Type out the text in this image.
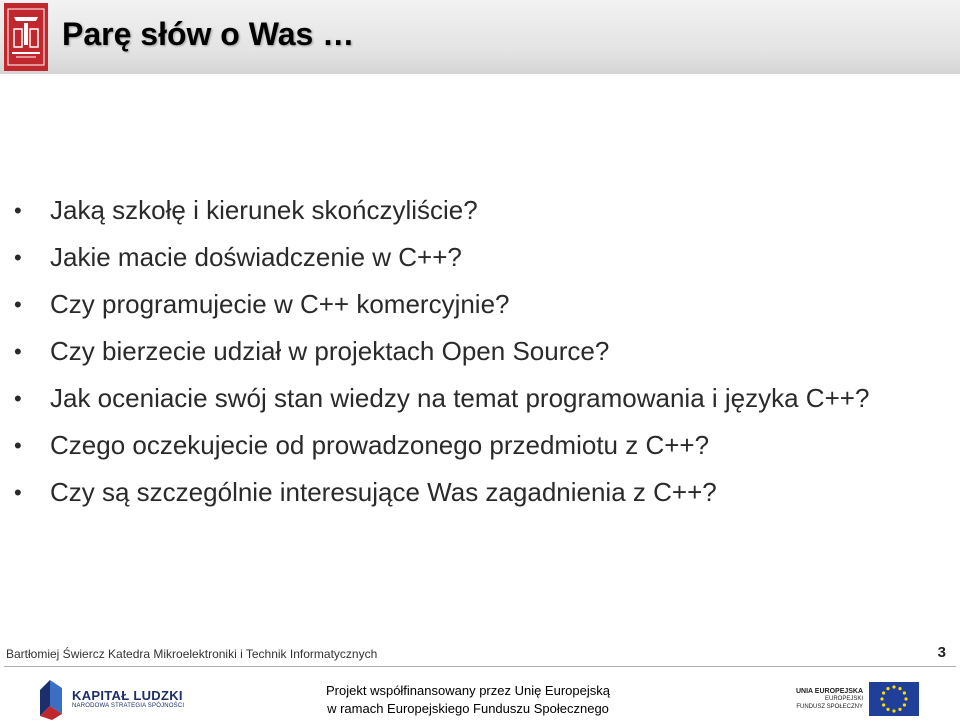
Parę słów o Was …
• Jaką szkołę i kierunek skończyliście?
• Jakie macie doświadczenie w C++?
• Czy programujecie w C++ komercyjnie?
• Czy bierzecie udział w projektach Open Source?
• Jak oceniacie swój stan wiedzy na temat programowania i języka C++?
• Czego oczekujecie od prowadzonego przedmiotu z C++?
• Czy są szczególnie interesujące Was zagadnienia z C++?
Bartłomiej Świercz Katedra Mikroelektroniki i Technik Informatycznych	3
KAPITAŁ LUDZKI
NARODOWA STRATEGIA SPÓJNOŚCI
Projekt współfinansowany przez Unię Europejską
w ramach Europejskiego Funduszu Społecznego
UNIA EUROPEJSKA
EUROPEJSKI
FUNDUSZ SPOŁECZNY
